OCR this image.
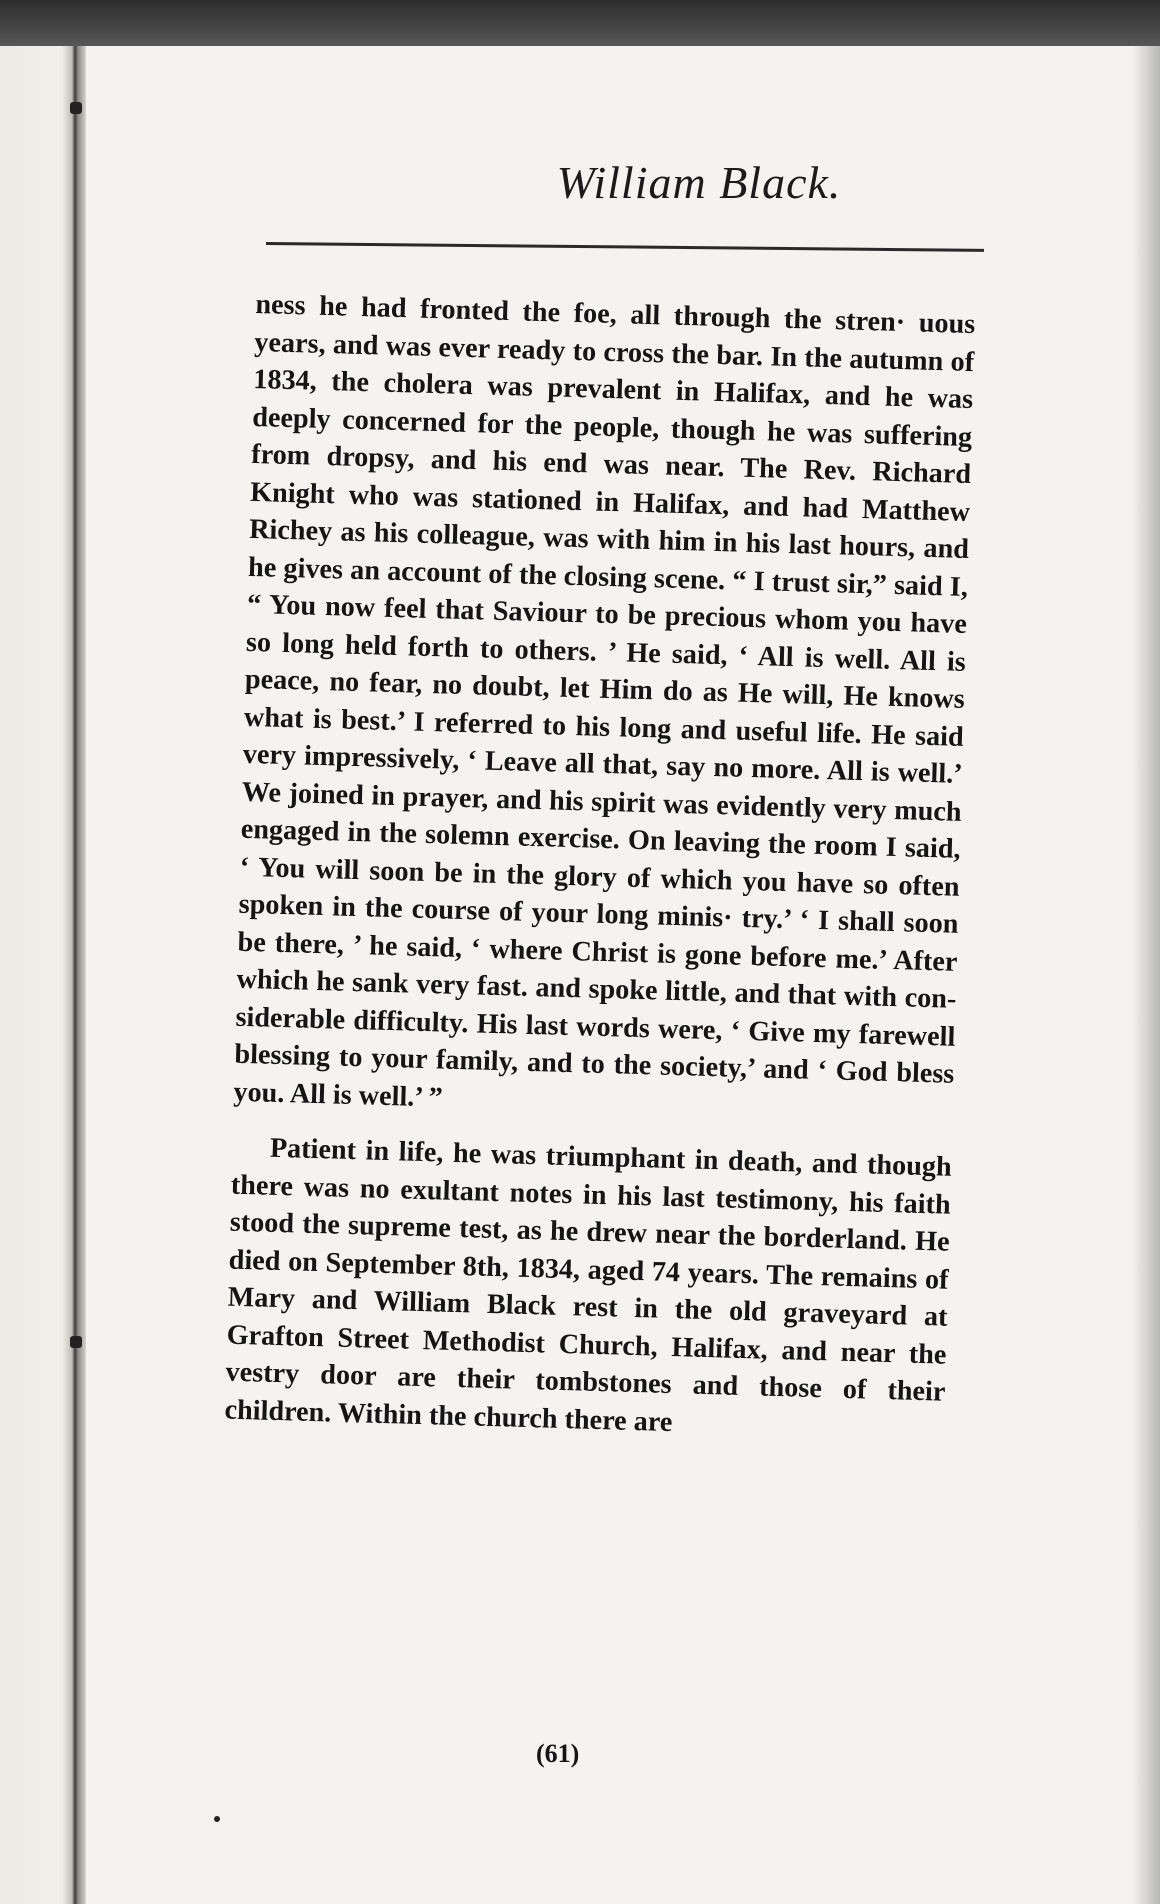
William Black.

ness he had fronted the foe, all through the stren· uous years, and was ever ready to cross the bar. In the autumn of 1834, the cholera was prevalent in Halifax, and he was deeply concerned for the people, though he was suffering from dropsy, and his end was near. The Rev. Richard Knight who was stationed in Halifax, and had Matthew Richey as his colleague, was with him in his last hours, and he gives an account of the closing scene. “ I trust sir,” said I, “ You now feel that Saviour to be precious whom you have so long held forth to others. ’ He said, ‘ All is well. All is peace, no fear, no doubt, let Him do as He will, He knows what is best.’ I referred to his long and useful life. He said very impressively, ‘ Leave all that, say no more. All is well.’ We joined in prayer, and his spirit was evidently very much engaged in the solemn exercise. On leaving the room I said, ‘ You will soon be in the glory of which you have so often spoken in the course of your long minis· try.’ ‘ I shall soon be there, ’ he said, ‘ where Christ is gone before me.’ After which he sank very fast. and spoke little, and that with con- siderable difficulty. His last words were, ‘ Give my farewell blessing to your family, and to the society,’ and ‘ God bless you. All is well.’ ”

Patient in life, he was triumphant in death, and though there was no exultant notes in his last testimony, his faith stood the supreme test, as he drew near the borderland. He died on September 8th, 1834, aged 74 years. The remains of Mary and William Black rest in the old graveyard at Grafton Street Methodist Church, Halifax, and near the vestry door are their tombstones and those of their children. Within the church there are

(61)
